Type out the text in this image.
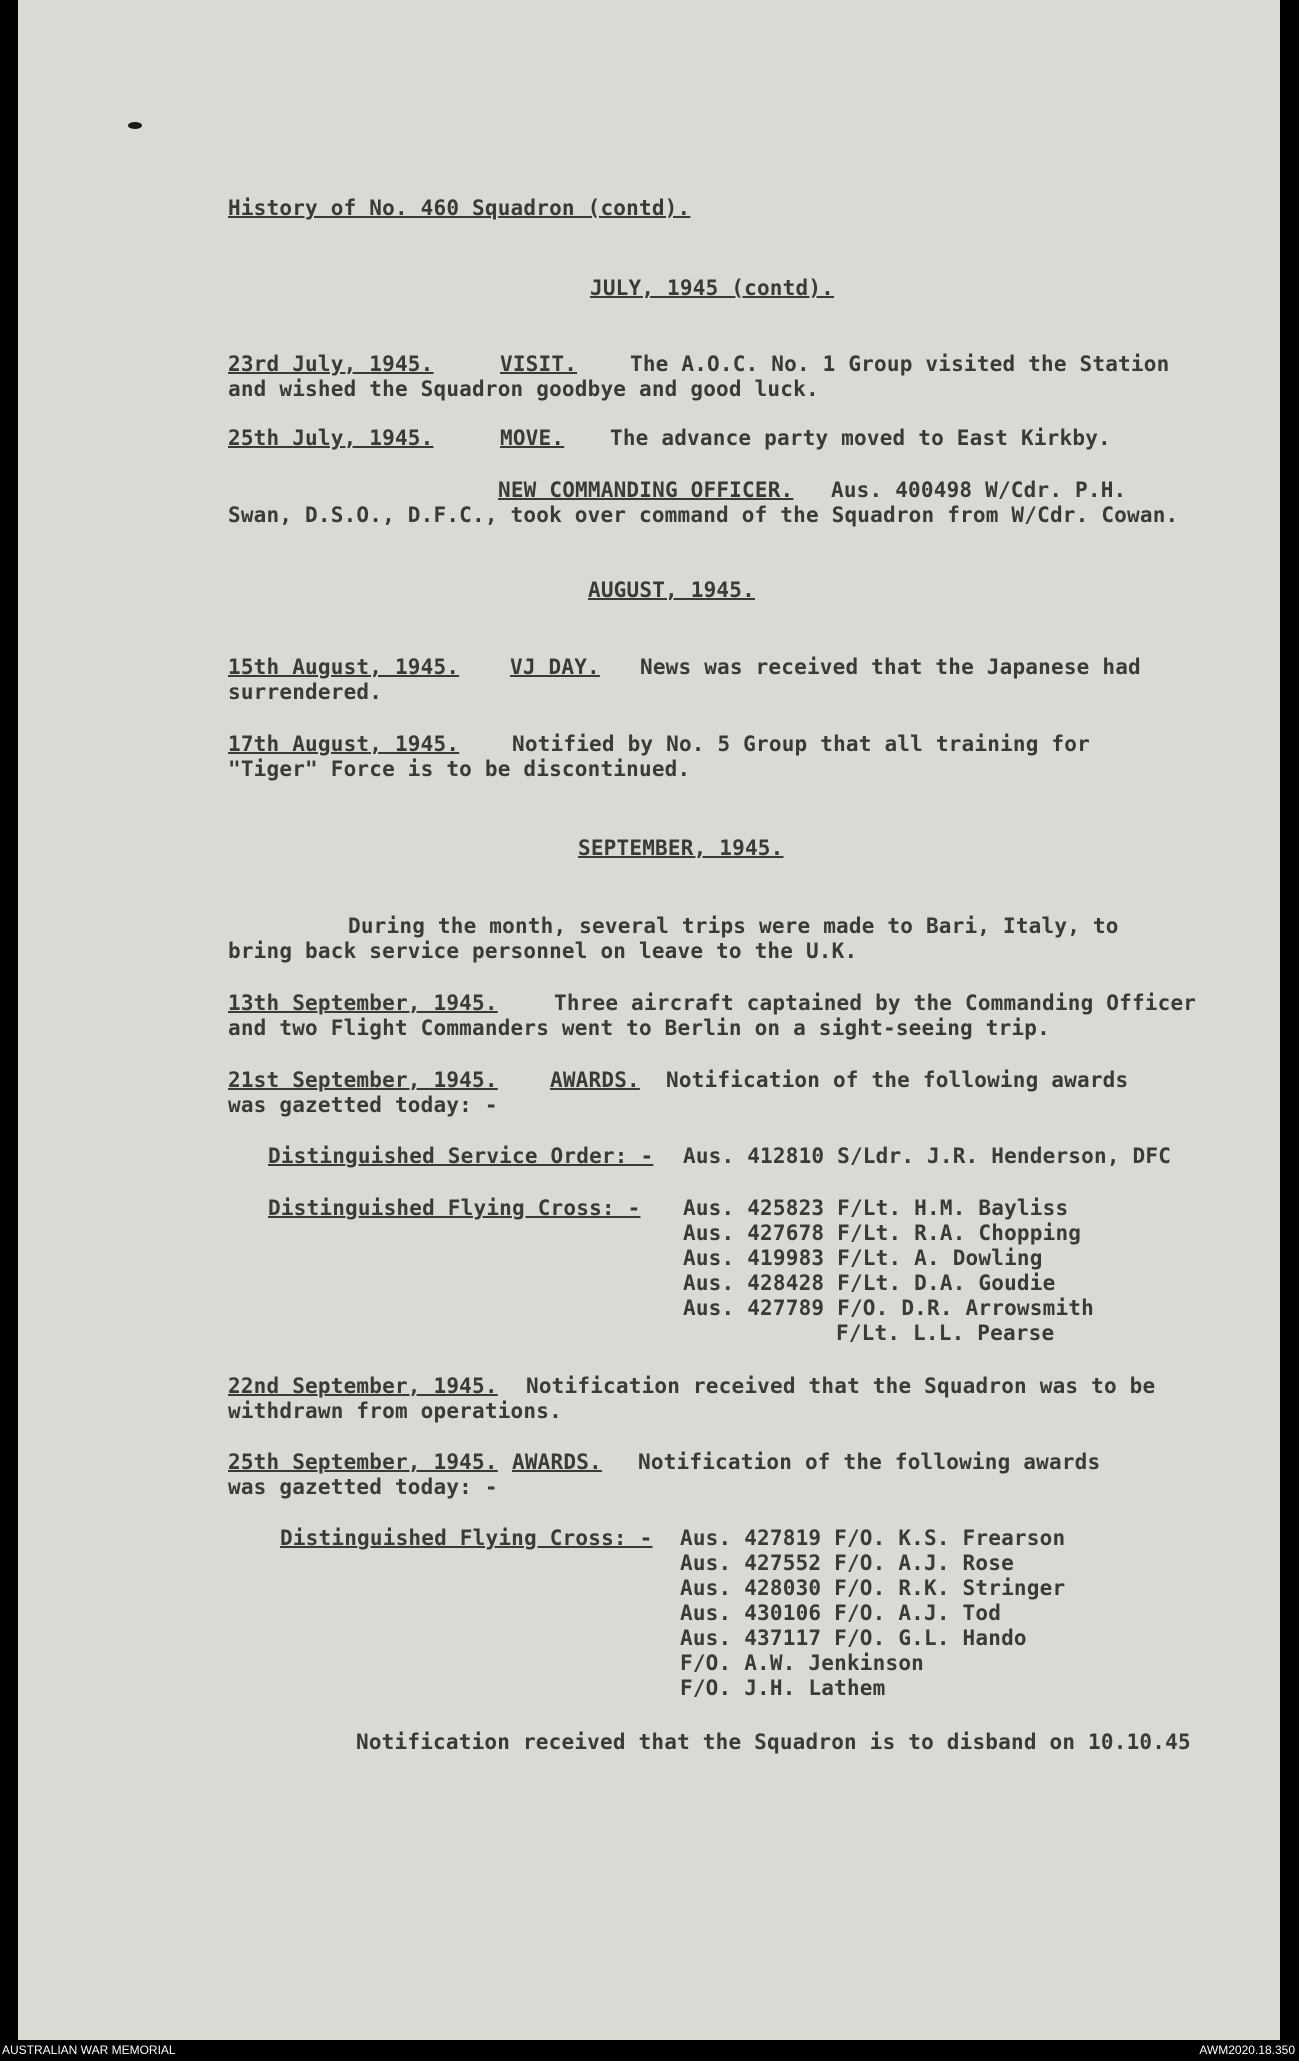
History of No. 460 Squadron (contd).
JULY, 1945 (contd).
23rd July, 1945.	VISIT.	The A.O.C. No. 1 Group visited the Station
and wished the Squadron goodbye and good luck.
25th July, 1945.	MOVE. The advance party moved to East Kirkby.
NEW COMMANDING OFFICER. Aus. 400498 W/Cdr. P.H.
Swan, D.S.O., D.F.C., took over command of the Squadron from W/Cdr. Cowan.
AUGUST, 1945.
15th August, 1945. VJ DAY. News was received that the Japanese had
surrendered.
17th August, 1945.	Notified by No. 5 Group that all training for
"Tiger" Force is to be discontinued.
SEPTEMBER, 1945.
During the month, several trips were made to Bari, Italy, to
bring back service personnel on leave to the U.K.
13th September, 1945.	Three aircraft captained by the Commanding Officer
and two Flight Commanders went to Berlin on a sight-seeing trip.
21st September, 1945. AWARDS. Notification of the following awards
was gazetted today: -
Distinguished Service Order: - Aus. 412810 S/Ldr. J.R. Henderson, DFC
Distinguished Flying Cross: - Aus. 425823 F/Lt. H.M. Bayliss
Aus. 427678 F/Lt. R.A. Chopping
Aus. 419983 F/Lt. A. Dowling
Aus. 428428 F/Lt. D.A. Goudie
Aus. 427789 F/O. D.R. Arrowsmith
F/Lt. L.L. Pearse
22nd September, 1945. Notification received that the Squadron was to be
withdrawn from operations.
25th September, 1945. AWARDS. Notification of the following awards
was gazetted today: -
Distinguished Flying Cross: - Aus. 427819 F/O. K.S. Frearson
Aus. 427552 F/O. A.J. Rose
Aus. 428030 F/O. R.K. Stringer
Aus. 430106 F/O. A.J. Tod
Aus. 437117 F/O. G.L. Hando
F/O. A.W. Jenkinson
F/O. J.H. Lathem
Notification received that the Squadron is to disband on 10.10.45
AUSTRALIAN WAR MEMORIAL	AWM2020.18.350
